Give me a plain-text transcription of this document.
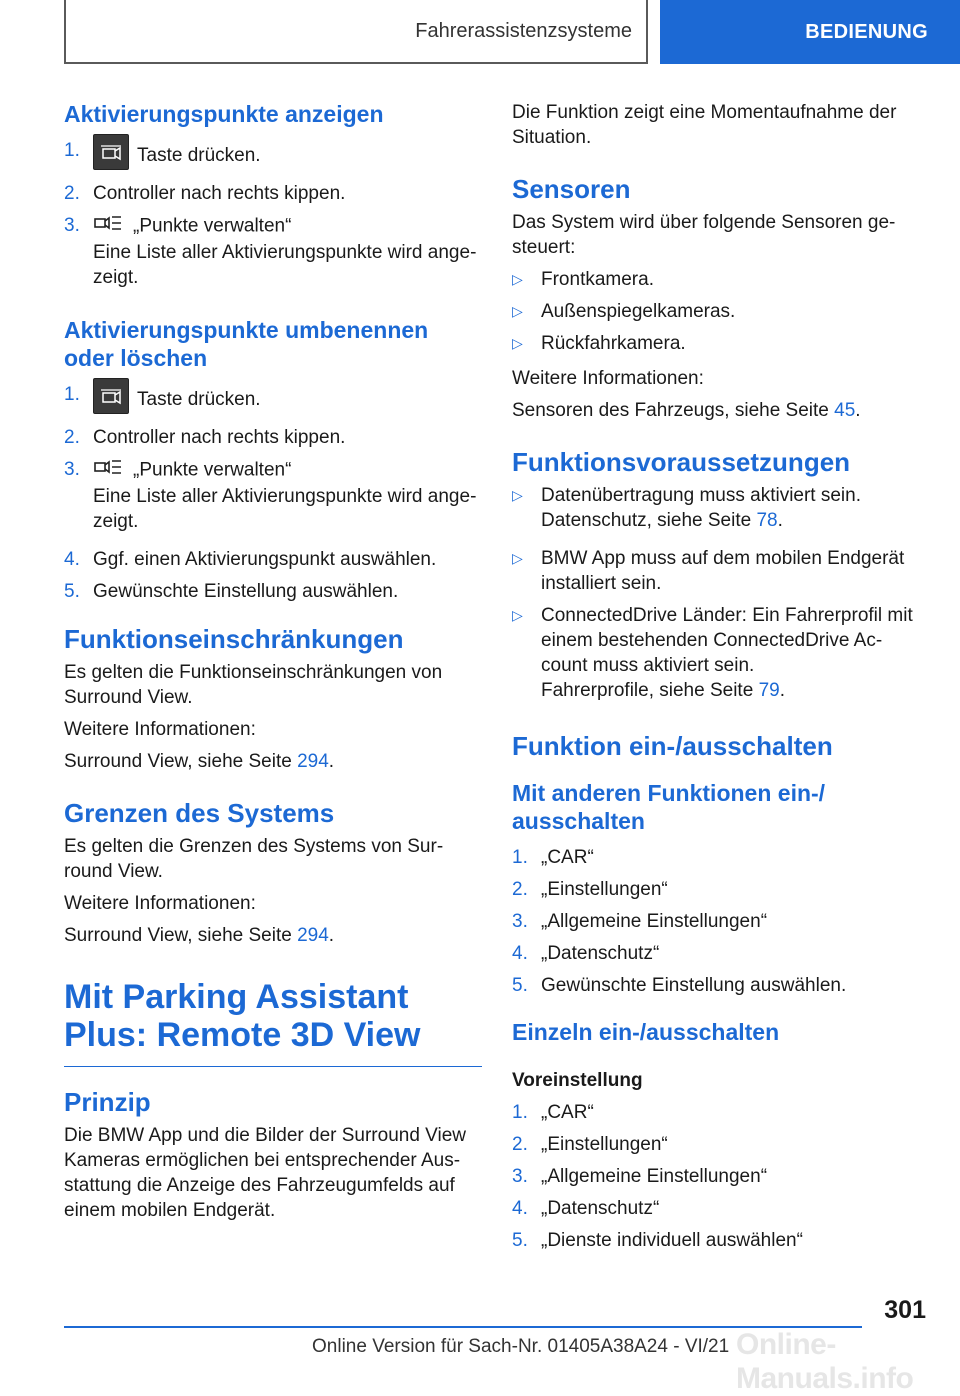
Fahrerassistenzsysteme	BEDIENUNG
Aktivierungspunkte anzeigen
1.	Taste drücken.
2. Controller nach rechts kippen.
3.	„Punkte verwalten“

Eine Liste aller Aktivierungspunkte wird angezeigt.

Aktivierungspunkte umbenennen oder löschen
1.	Taste drücken.
2. Controller nach rechts kippen.
3.	„Punkte verwalten“

Eine Liste aller Aktivierungspunkte wird angezeigt.

4. Ggf. einen Aktivierungspunkt auswählen.
5. Gewünschte Einstellung auswählen.
Funktionseinschränkungen

Es gelten die Funktionseinschränkungen von Surround View.

Weitere Informationen:

Surround View, siehe Seite 294.

Grenzen des Systems

Es gelten die Grenzen des Systems von Surround View.

Weitere Informationen:

Surround View, siehe Seite 294.

Mit Parking Assistant Plus: Remote 3D View
Prinzip

Die BMW App und die Bilder der Surround View Kameras ermöglichen bei entsprechender Ausstattung die Anzeige des Fahrzeugumfelds auf einem mobilen Endgerät.

Die Funktion zeigt eine Momentaufnahme der Situation.

Sensoren

Das System wird über folgende Sensoren gesteuert:

▷ Frontkamera.
▷ Außenspiegelkameras.
▷ Rückfahrkamera.

Weitere Informationen:

Sensoren des Fahrzeugs, siehe Seite 45.

Funktionsvoraussetzungen
▷ Datenübertragung muss aktiviert sein.

Datenschutz, siehe Seite 78.

▷ BMW App muss auf dem mobilen Endgerät installiert sein.
▷ ConnectedDrive Länder: Ein Fahrerprofil mit einem bestehenden ConnectedDrive Account muss aktiviert sein.

Fahrerprofile, siehe Seite 79.

Funktion ein-/ausschalten
Mit anderen Funktionen ein-/ ausschalten
1. „CAR“
2. „Einstellungen“
3. „Allgemeine Einstellungen“
4. „Datenschutz“
5. Gewünschte Einstellung auswählen.
Einzeln ein-/ausschalten

Voreinstellung

1. „CAR“
2. „Einstellungen“
3. „Allgemeine Einstellungen“
4. „Datenschutz“
5. „Dienste individuell auswählen“
301
Online-Manuals.info
Online Version für Sach-Nr. 01405A38A24 - VI/21
